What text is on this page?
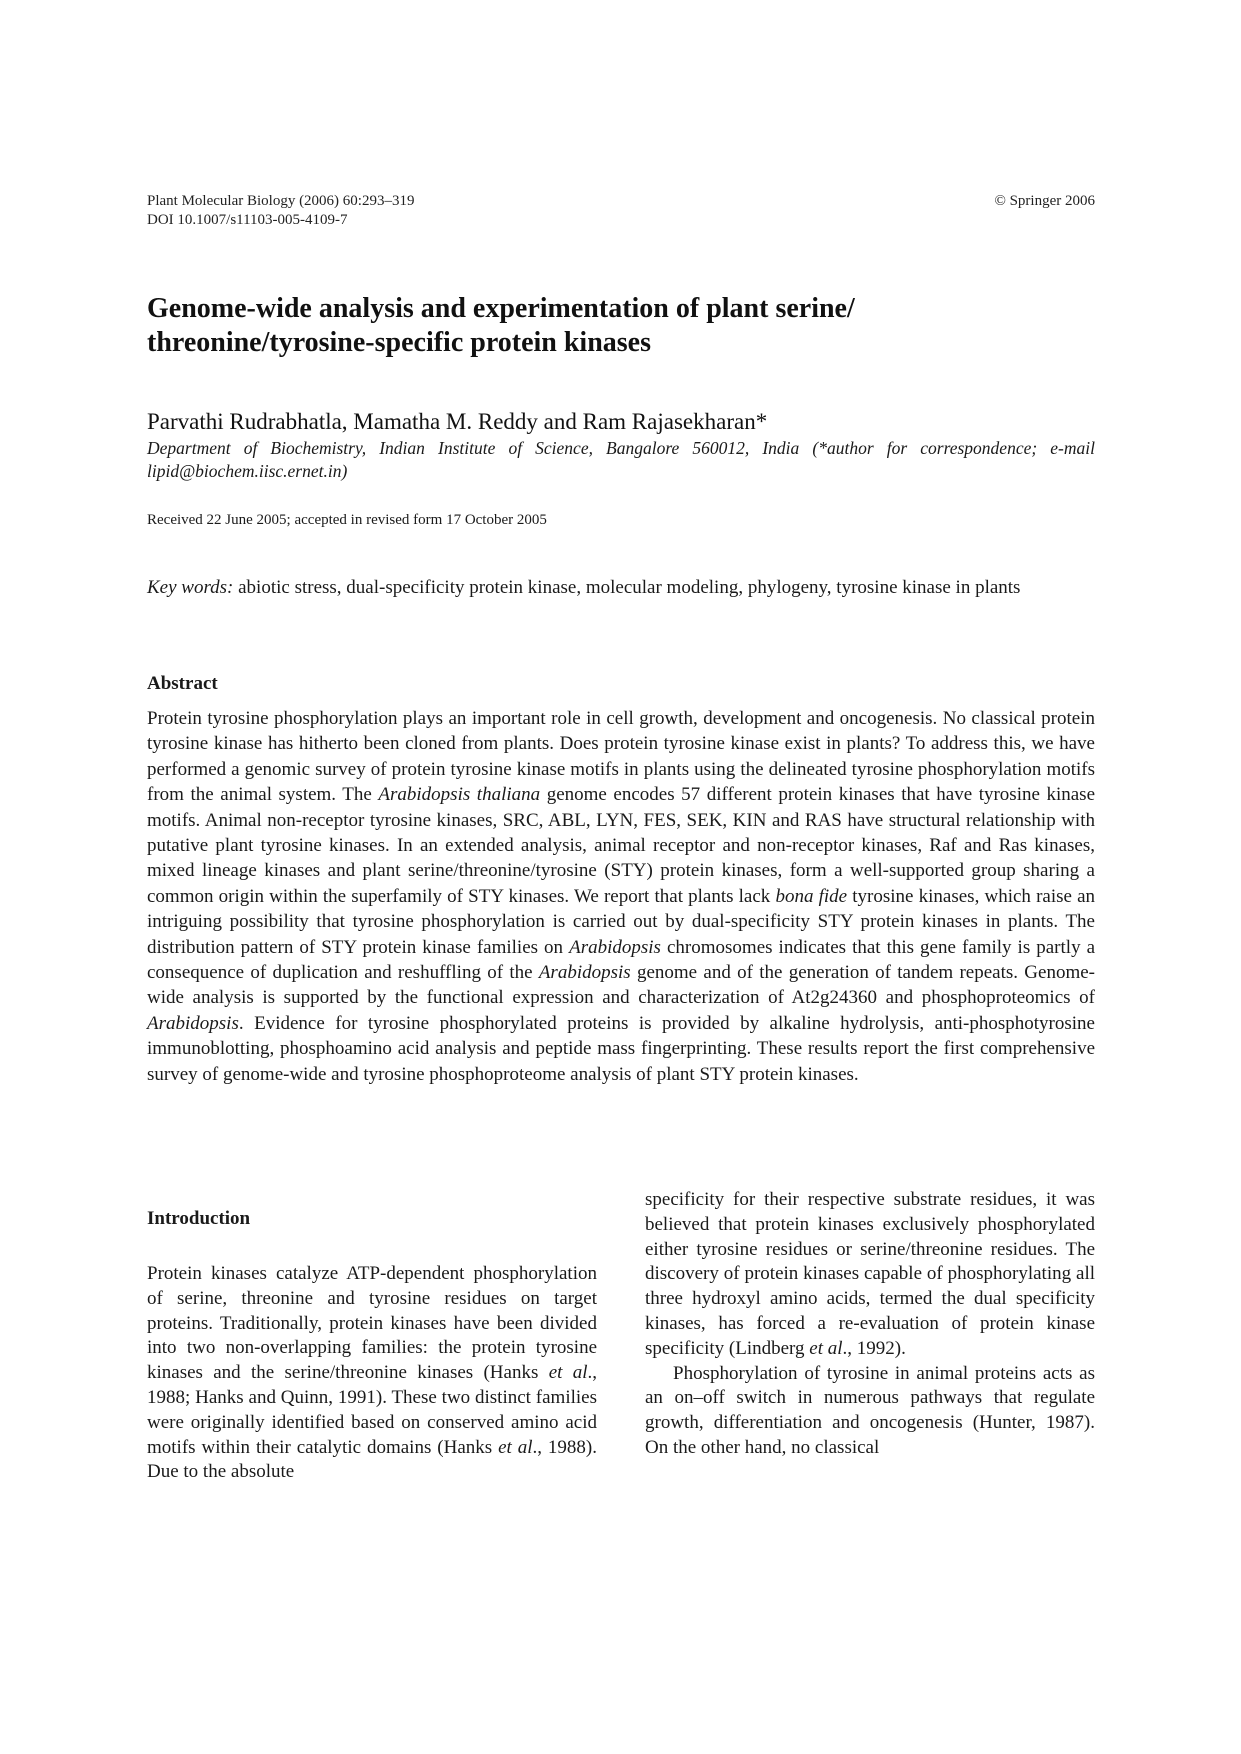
Plant Molecular Biology (2006) 60:293–319
DOI 10.1007/s11103-005-4109-7
© Springer 2006
Genome-wide analysis and experimentation of plant serine/
threonine/tyrosine-specific protein kinases
Parvathi Rudrabhatla, Mamatha M. Reddy and Ram Rajasekharan*
Department of Biochemistry, Indian Institute of Science, Bangalore 560012, India (*author for correspondence; e-mail lipid@biochem.iisc.ernet.in)
Received 22 June 2005; accepted in revised form 17 October 2005
Key words: abiotic stress, dual-specificity protein kinase, molecular modeling, phylogeny, tyrosine kinase in plants
Abstract
Protein tyrosine phosphorylation plays an important role in cell growth, development and oncogenesis. No classical protein tyrosine kinase has hitherto been cloned from plants. Does protein tyrosine kinase exist in plants? To address this, we have performed a genomic survey of protein tyrosine kinase motifs in plants using the delineated tyrosine phosphorylation motifs from the animal system. The Arabidopsis thaliana genome encodes 57 different protein kinases that have tyrosine kinase motifs. Animal non-receptor tyrosine kinases, SRC, ABL, LYN, FES, SEK, KIN and RAS have structural relationship with putative plant tyrosine kinases. In an extended analysis, animal receptor and non-receptor kinases, Raf and Ras kinases, mixed lineage kinases and plant serine/threonine/tyrosine (STY) protein kinases, form a well-supported group sharing a common origin within the superfamily of STY kinases. We report that plants lack bona fide tyrosine kinases, which raise an intriguing possibility that tyrosine phosphorylation is carried out by dual-specificity STY protein kinases in plants. The distribution pattern of STY protein kinase families on Arabidopsis chromosomes indicates that this gene family is partly a consequence of duplication and reshuffling of the Arabidopsis genome and of the generation of tandem repeats. Genome-wide analysis is supported by the functional expression and characterization of At2g24360 and phosphoproteomics of Arabidopsis. Evidence for tyrosine phosphorylated proteins is provided by alkaline hydrolysis, anti-phosphotyrosine immunoblotting, phosphoamino acid analysis and peptide mass fingerprinting. These results report the first comprehensive survey of genome-wide and tyrosine phosphoproteome analysis of plant STY protein kinases.
Introduction

Protein kinases catalyze ATP-dependent phosphorylation of serine, threonine and tyrosine residues on target proteins. Traditionally, protein kinases have been divided into two non-overlapping families: the protein tyrosine kinases and the serine/threonine kinases (Hanks et al., 1988; Hanks and Quinn, 1991). These two distinct families were originally identified based on conserved amino acid motifs within their catalytic domains (Hanks et al., 1988). Due to the absolute

specificity for their respective substrate residues, it was believed that protein kinases exclusively phosphorylated either tyrosine residues or serine/threonine residues. The discovery of protein kinases capable of phosphorylating all three hydroxyl amino acids, termed the dual specificity kinases, has forced a re-evaluation of protein kinase specificity (Lindberg et al., 1992).

Phosphorylation of tyrosine in animal proteins acts as an on–off switch in numerous pathways that regulate growth, differentiation and oncogenesis (Hunter, 1987). On the other hand, no classical
